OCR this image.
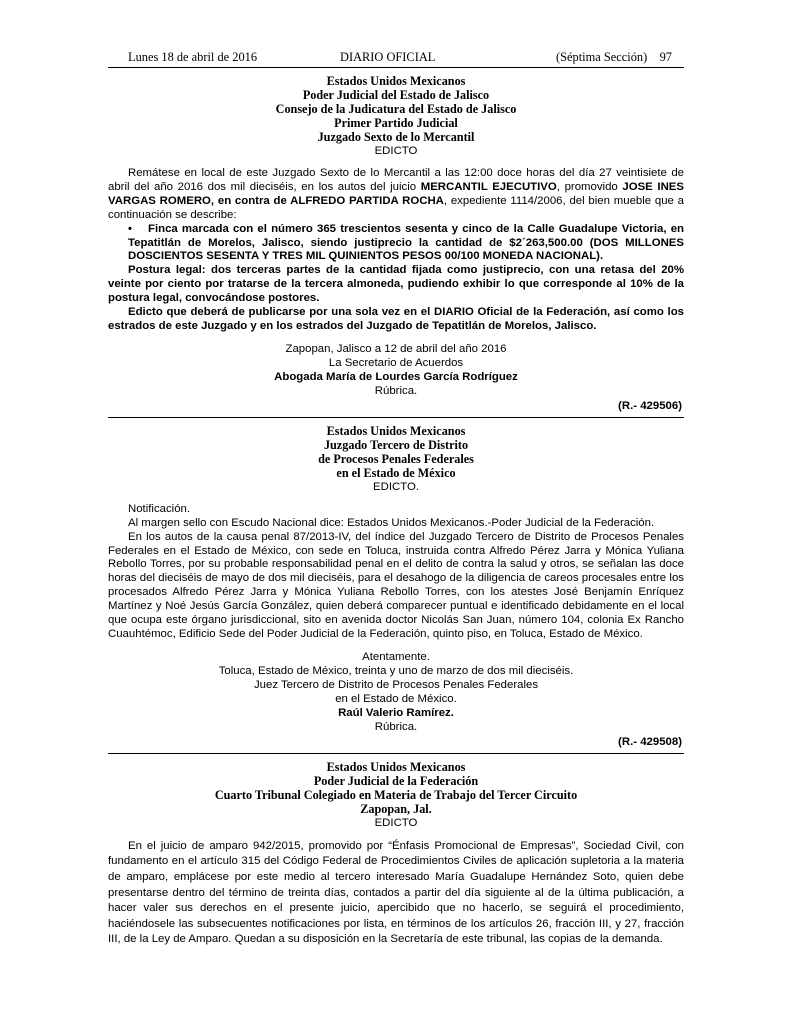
Lunes 18 de abril de 2016	DIARIO OFICIAL	(Séptima Sección) 97
Estados Unidos Mexicanos
Poder Judicial del Estado de Jalisco
Consejo de la Judicatura del Estado de Jalisco
Primer Partido Judicial
Juzgado Sexto de lo Mercantil
EDICTO

Remátese en local de este Juzgado Sexto de lo Mercantil a las 12:00 doce horas del día 27 veintisiete de abril del año 2016 dos mil dieciséis, en los autos del juicio MERCANTIL EJECUTIVO, promovido JOSE INES VARGAS ROMERO, en contra de ALFREDO PARTIDA ROCHA, expediente 1114/2006, del bien mueble que a continuación se describe:

• Finca marcada con el número 365 trescientos sesenta y cinco de la Calle Guadalupe Victoria, en Tepatitlán de Morelos, Jalisco, siendo justiprecio la cantidad de $2´263,500.00 (DOS MILLONES DOSCIENTOS SESENTA Y TRES MIL QUINIENTOS PESOS 00/100 MONEDA NACIONAL).

Postura legal: dos terceras partes de la cantidad fijada como justiprecio, con una retasa del 20% veinte por ciento por tratarse de la tercera almoneda, pudiendo exhibir lo que corresponde al 10% de la postura legal, convocándose postores.

Edicto que deberá de publicarse por una sola vez en el DIARIO Oficial de la Federación, así como los estrados de este Juzgado y en los estrados del Juzgado de Tepatitlán de Morelos, Jalisco.

Zapopan, Jalisco a 12 de abril del año 2016
La Secretario de Acuerdos
Abogada María de Lourdes García Rodríguez
Rúbrica.
(R.- 429506)
Estados Unidos Mexicanos
Juzgado Tercero de Distrito
de Procesos Penales Federales
en el Estado de México
EDICTO.

Notificación.

Al margen sello con Escudo Nacional dice: Estados Unidos Mexicanos.-Poder Judicial de la Federación.

En los autos de la causa penal 87/2013-IV, del índice del Juzgado Tercero de Distrito de Procesos Penales Federales en el Estado de México, con sede en Toluca, instruida contra Alfredo Pérez Jarra y Mónica Yuliana Rebollo Torres, por su probable responsabilidad penal en el delito de contra la salud y otros, se señalan las doce horas del dieciséis de mayo de dos mil dieciséis, para el desahogo de la diligencia de careos procesales entre los procesados Alfredo Pérez Jarra y Mónica Yuliana Rebollo Torres, con los atestes José Benjamín Enríquez Martínez y Noé Jesús García González, quien deberá comparecer puntual e identificado debidamente en el local que ocupa este órgano jurisdiccional, sito en avenida doctor Nicolás San Juan, número 104, colonia Ex Rancho Cuauhtémoc, Edificio Sede del Poder Judicial de la Federación, quinto piso, en Toluca, Estado de México.

Atentamente.
Toluca, Estado de México, treinta y uno de marzo de dos mil dieciséis.
Juez Tercero de Distrito de Procesos Penales Federales
en el Estado de México.
Raúl Valerio Ramírez.
Rúbrica.
(R.- 429508)
Estados Unidos Mexicanos
Poder Judicial de la Federación
Cuarto Tribunal Colegiado en Materia de Trabajo del Tercer Circuito
Zapopan, Jal.
EDICTO

En el juicio de amparo 942/2015, promovido por “Énfasis Promocional de Empresas”, Sociedad Civil, con fundamento en el artículo 315 del Código Federal de Procedimientos Civiles de aplicación supletoria a la materia de amparo, emplácese por este medio al tercero interesado María Guadalupe Hernández Soto, quien debe presentarse dentro del término de treinta días, contados a partir del día siguiente al de la última publicación, a hacer valer sus derechos en el presente juicio, apercibido que no hacerlo, se seguirá el procedimiento, haciéndosele las subsecuentes notificaciones por lista, en términos de los artículos 26, fracción III, y 27, fracción III, de la Ley de Amparo. Quedan a su disposición en la Secretaría de este tribunal, las copias de la demanda.
